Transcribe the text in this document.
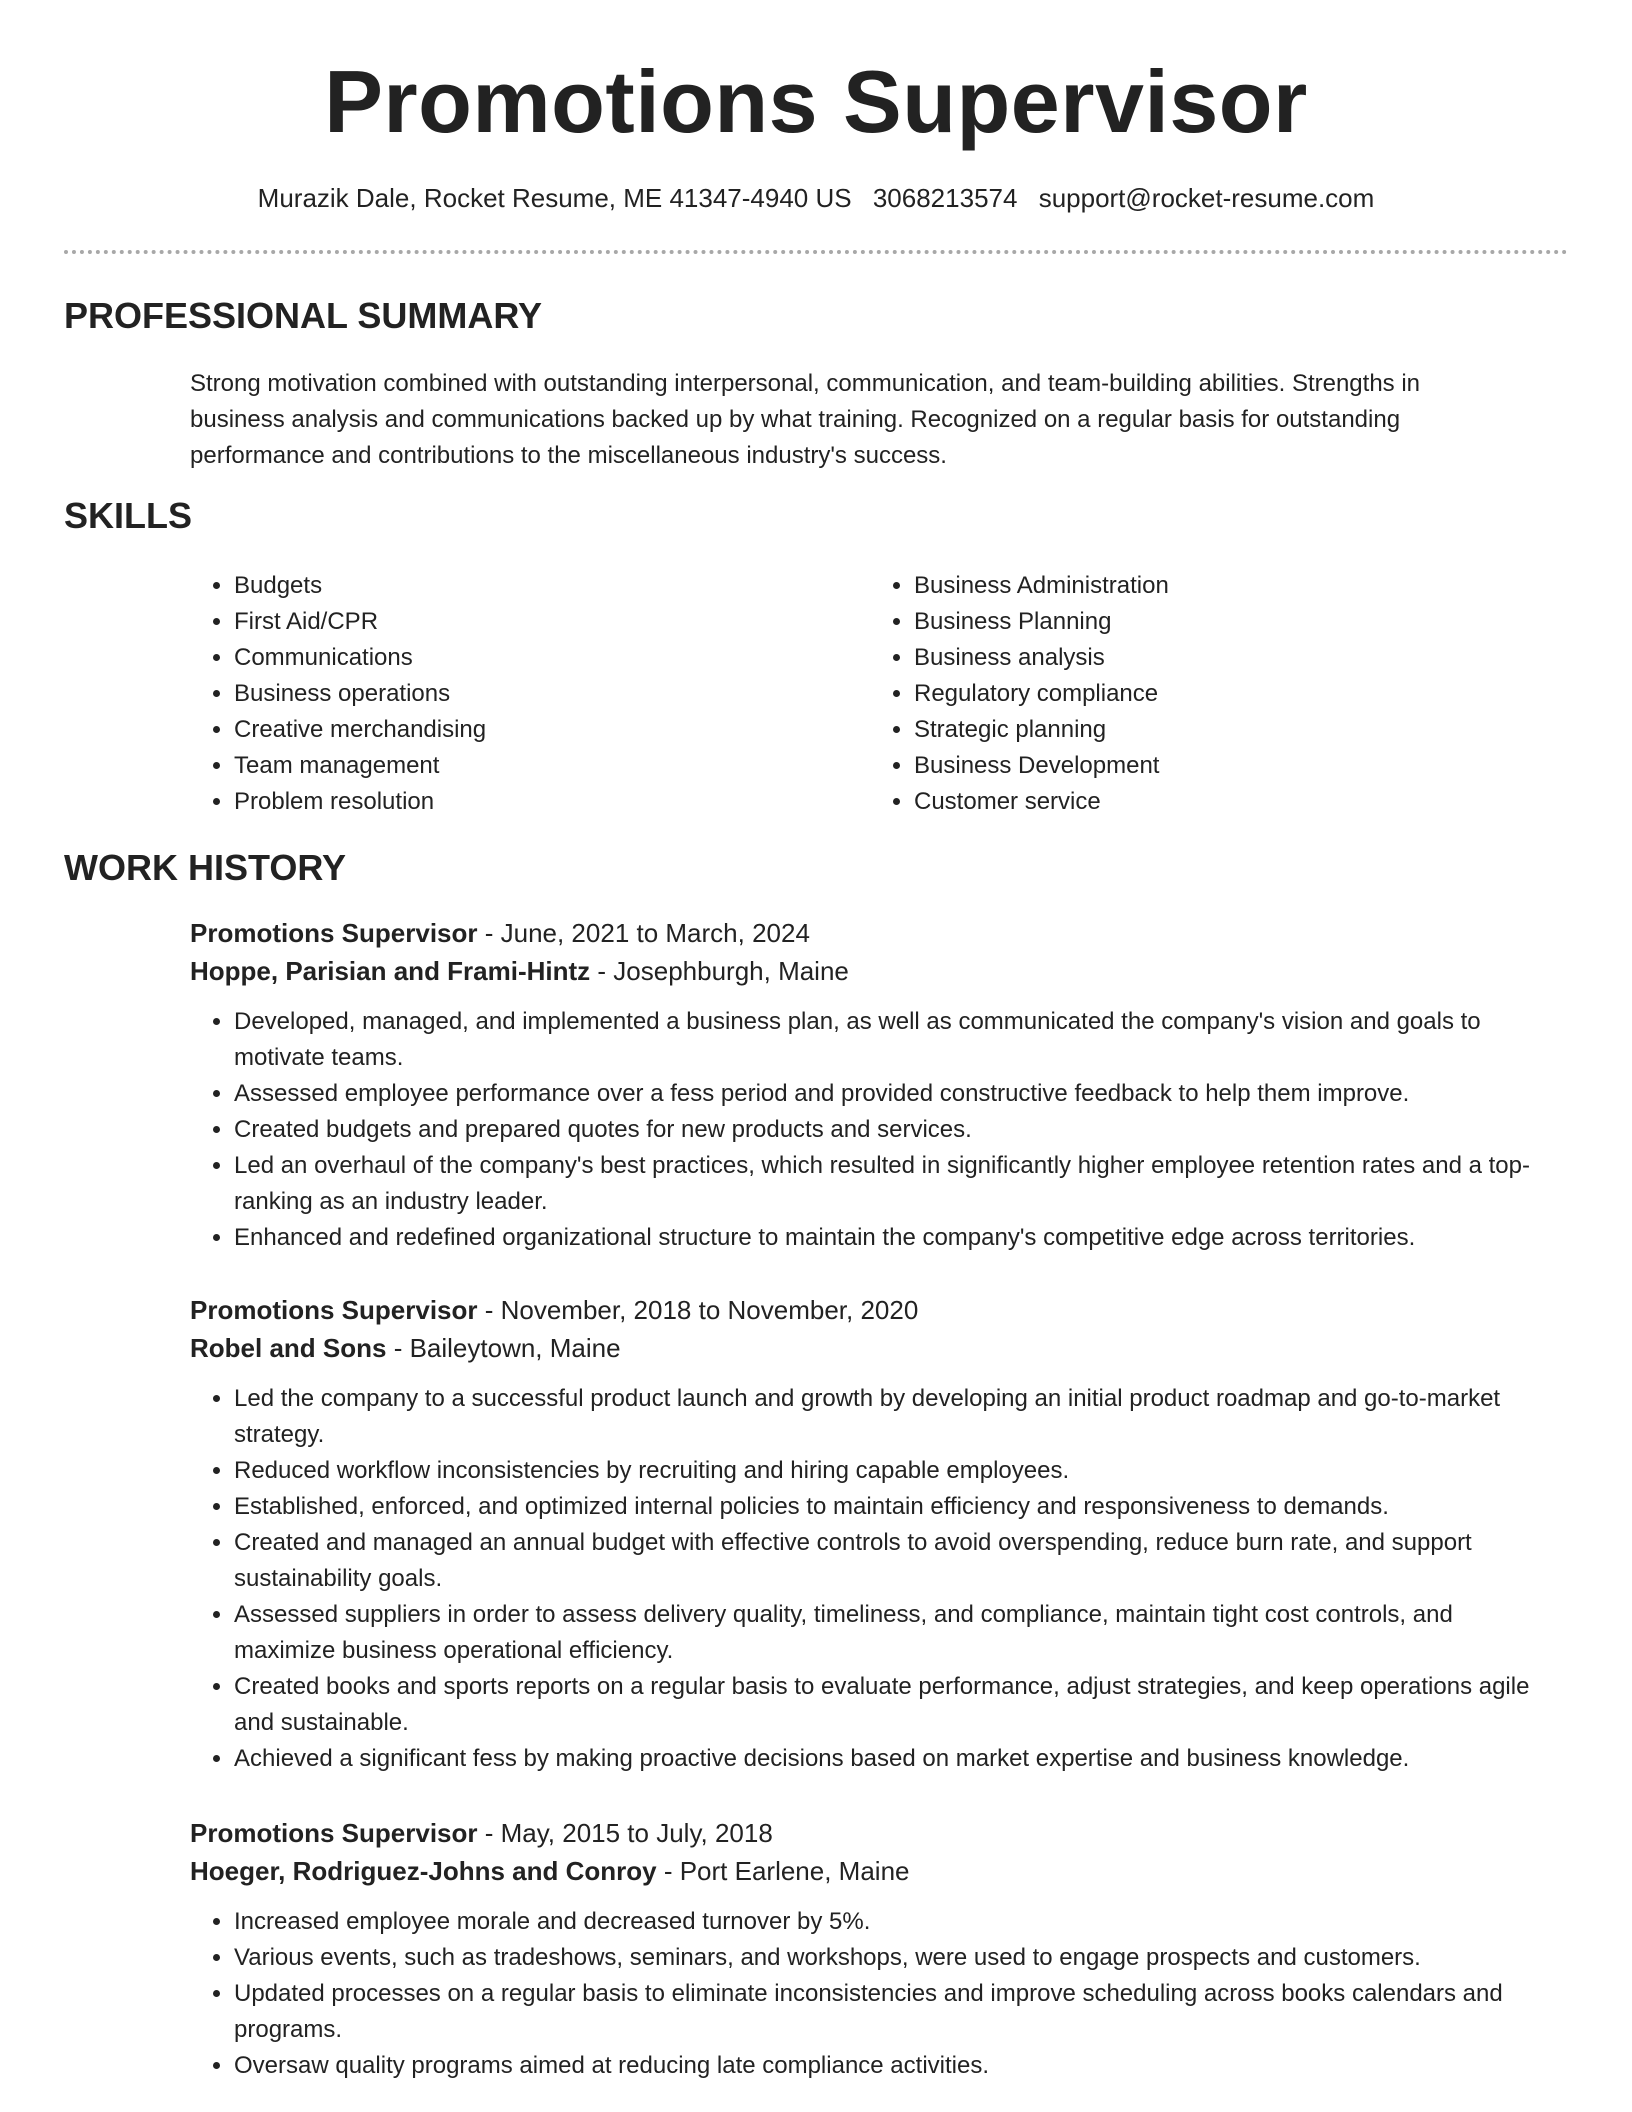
Promotions Supervisor
Murazik Dale, Rocket Resume, ME 41347-4940 US 3068213574 support@rocket-resume.com
PROFESSIONAL SUMMARY

Strong motivation combined with outstanding interpersonal, communication, and team-building abilities. Strengths in business analysis and communications backed up by what training. Recognized on a regular basis for outstanding performance and contributions to the miscellaneous industry's success.

SKILLS
• Budgets
• First Aid/CPR
• Communications
• Business operations
• Creative merchandising
• Team management
• Problem resolution
• Business Administration
• Business Planning
• Business analysis
• Regulatory compliance
• Strategic planning
• Business Development
• Customer service
WORK HISTORY

Promotions Supervisor - June, 2021 to March, 2024

Hoppe, Parisian and Frami-Hintz - Josephburgh, Maine

• Developed, managed, and implemented a business plan, as well as communicated the company's vision and goals to motivate teams.
• Assessed employee performance over a fess period and provided constructive feedback to help them improve.
• Created budgets and prepared quotes for new products and services.
• Led an overhaul of the company's best practices, which resulted in significantly higher employee retention rates and a top-ranking as an industry leader.
• Enhanced and redefined organizational structure to maintain the company's competitive edge across territories.

Promotions Supervisor - November, 2018 to November, 2020

Robel and Sons - Baileytown, Maine

• Led the company to a successful product launch and growth by developing an initial product roadmap and go-to-market strategy.
• Reduced workflow inconsistencies by recruiting and hiring capable employees.
• Established, enforced, and optimized internal policies to maintain efficiency and responsiveness to demands.
• Created and managed an annual budget with effective controls to avoid overspending, reduce burn rate, and support sustainability goals.
• Assessed suppliers in order to assess delivery quality, timeliness, and compliance, maintain tight cost controls, and maximize business operational efficiency.
• Created books and sports reports on a regular basis to evaluate performance, adjust strategies, and keep operations agile and sustainable.
• Achieved a significant fess by making proactive decisions based on market expertise and business knowledge.

Promotions Supervisor - May, 2015 to July, 2018

Hoeger, Rodriguez-Johns and Conroy - Port Earlene, Maine

• Increased employee morale and decreased turnover by 5%.
• Various events, such as tradeshows, seminars, and workshops, were used to engage prospects and customers.
• Updated processes on a regular basis to eliminate inconsistencies and improve scheduling across books calendars and programs.
• Oversaw quality programs aimed at reducing late compliance activities.
